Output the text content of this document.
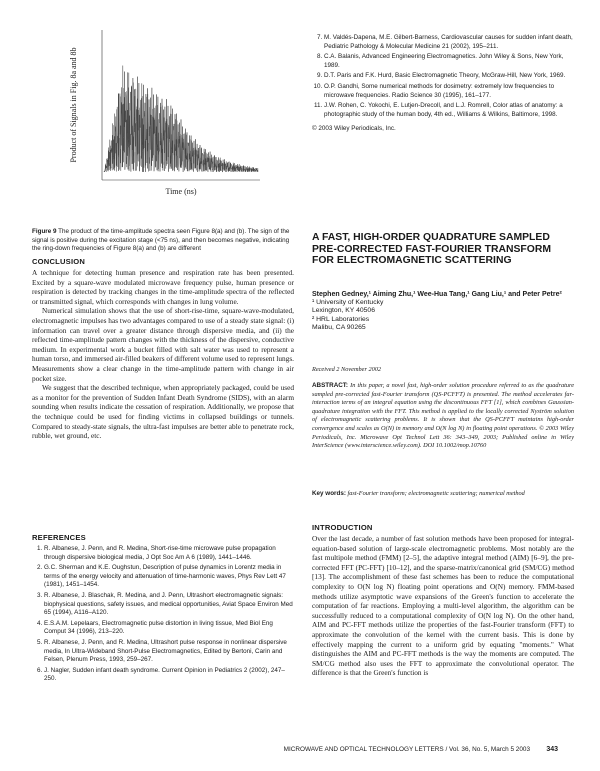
Product of Signals in Fig. 8a and 8b
Time (ns)
Figure 9 The product of the time-amplitude spectra seen Figure 8(a) and (b). The sign of the signal is positive during the excitation stage (<75 ns), and then becomes negative, indicating the ring-down frequencies of Figure 8(a) and (b) are different

CONCLUSION

A technique for detecting human presence and respiration rate has been presented. Excited by a square-wave modulated microwave frequency pulse, human presence or respiration is detected by tracking changes in the time-amplitude spectra of the reflected or transmitted signal, which corresponds with changes in lung volume.

Numerical simulation shows that the use of short-rise-time, square-wave-modulated, electromagnetic impulses has two advantages compared to use of a steady state signal: (i) information can travel over a greater distance through dispersive media, and (ii) the reflected time-amplitude pattern changes with the thickness of the dispersive, conductive medium. In experimental work a bucket filled with salt water was used to represent a human torso, and immersed air-filled beakers of different volume used to represent lungs. Measurements show a clear change in the time-amplitude pattern with change in air pocket size.

We suggest that the described technique, when appropriately packaged, could be used as a monitor for the prevention of Sudden Infant Death Syndrome (SIDS), with an alarm sounding when results indicate the cessation of respiration. Additionally, we propose that the technique could be used for finding victims in collapsed buildings or tunnels. Compared to steady-state signals, the ultra-fast impulses are better able to penetrate rock, rubble, wet ground, etc.

REFERENCES

1. R. Albanese, J. Penn, and R. Medina, Short-rise-time microwave pulse propagation through dispersive biological media, J Opt Soc Am A 6 (1989), 1441–1446.
2. G.C. Sherman and K.E. Oughstun, Description of pulse dynamics in Lorentz media in terms of the energy velocity and attenuation of time-harmonic waves, Phys Rev Lett 47 (1981), 1451–1454.
3. R. Albanese, J. Blaschak, R. Medina, and J. Penn, Ultrashort electromagnetic signals: biophysical questions, safety issues, and medical opportunities, Aviat Space Environ Med 65 (1994), A116–A120.
4. E.S.A.M. Lepelaars, Electromagnetic pulse distortion in living tissue, Med Biol Eng Comput 34 (1996), 213–220.
5. R. Albanese, J. Penn, and R. Medina, Ultrashort pulse response in nonlinear dispersive media, In Ultra-Wideband Short-Pulse Electromagnetics, Edited by Bertoni, Carin and Felsen, Plenum Press, 1993, 259–267.
6. J. Nagler, Sudden infant death syndrome. Current Opinion in Pediatrics 2 (2002), 247–250.
7. M. Valdés-Dapena, M.E. Gilbert-Barness, Cardiovascular causes for sudden infant death, Pediatric Pathology & Molecular Medicine 21 (2002), 195–211.
8. C.A. Balanis, Advanced Engineering Electromagnetics. John Wiley & Sons, New York, 1989.
9. D.T. Paris and F.K. Hurd, Basic Electromagnetic Theory, McGraw-Hill, New York, 1969.
10. O.P. Gandhi, Some numerical methods for dosimetry: extremely low frequencies to microwave frequencies. Radio Science 30 (1995), 161–177.
11. J.W. Rohen, C. Yokochi, E. Lutjen-Drecoll, and L.J. Romrell, Color atlas of anatomy: a photographic study of the human body, 4th ed., Williams & Wilkins, Baltimore, 1998.

© 2003 Wiley Periodicals, Inc.

A FAST, HIGH-ORDER QUADRATURE SAMPLED PRE-CORRECTED FAST-FOURIER TRANSFORM FOR ELECTROMAGNETIC SCATTERING

Stephen Gedney,¹ Aiming Zhu,¹ Wee-Hua Tang,¹ Gang Liu,¹ and Peter Petre²
¹ University of Kentucky
Lexington, KY 40506
² HRL Laboratories
Malibu, CA 90265
Received 2 November 2002
ABSTRACT: In this paper, a novel fast, high-order solution procedure referred to as the quadrature sampled pre-corrected fast-Fourier transform (QS-PCFFT) is presented. The method accelerates far-interaction terms of an integral equation using the discontinuous FFT [1], which combines Gaussian-quadrature integration with the FFT. This method is applied to the locally corrected Nyström solution of electromagnetic scattering problems. It is shown that the QS-PCFFT maintains high-order convergence and scales as O(N) in memory and O(N log N) in floating point operations. © 2003 Wiley Periodicals, Inc. Microwave Opt Technol Lett 36: 343–349, 2003; Published online in Wiley InterScience (www.interscience.wiley.com). DOI 10.1002/mop.10760
Key words: fast-Fourier transform; electromagnetic scattering; numerical method

INTRODUCTION

Over the last decade, a number of fast solution methods have been proposed for integral-equation-based solution of large-scale electromagnetic problems. Most notably are the fast multipole method (FMM) [2–5], the adaptive integral method (AIM) [6–9], the pre-corrected FFT (PC-FFT) [10–12], and the sparse-matrix/canonical grid (SM/CG) method [13]. The accomplishment of these fast schemes has been to reduce the computational complexity to O(N log N) floating point operations and O(N) memory. FMM-based methods utilize asymptotic wave expansions of the Green's function to accelerate the computation of far reactions. Employing a multi-level algorithm, the algorithm can be successfully reduced to a computational complexity of O(N log N). On the other hand, AIM and PC-FFT methods utilize the properties of the fast-Fourier transform (FFT) to approximate the convolution of the kernel with the current basis. This is done by effectively mapping the current to a uniform grid by equating "moments." What distinguishes the AIM and PC-FFT methods is the way the moments are computed. The SM/CG method also uses the FFT to approximate the convolutional operator. The difference is that the Green's function is

MICROWAVE AND OPTICAL TECHNOLOGY LETTERS / Vol. 36, No. 5, March 5 2003 343
